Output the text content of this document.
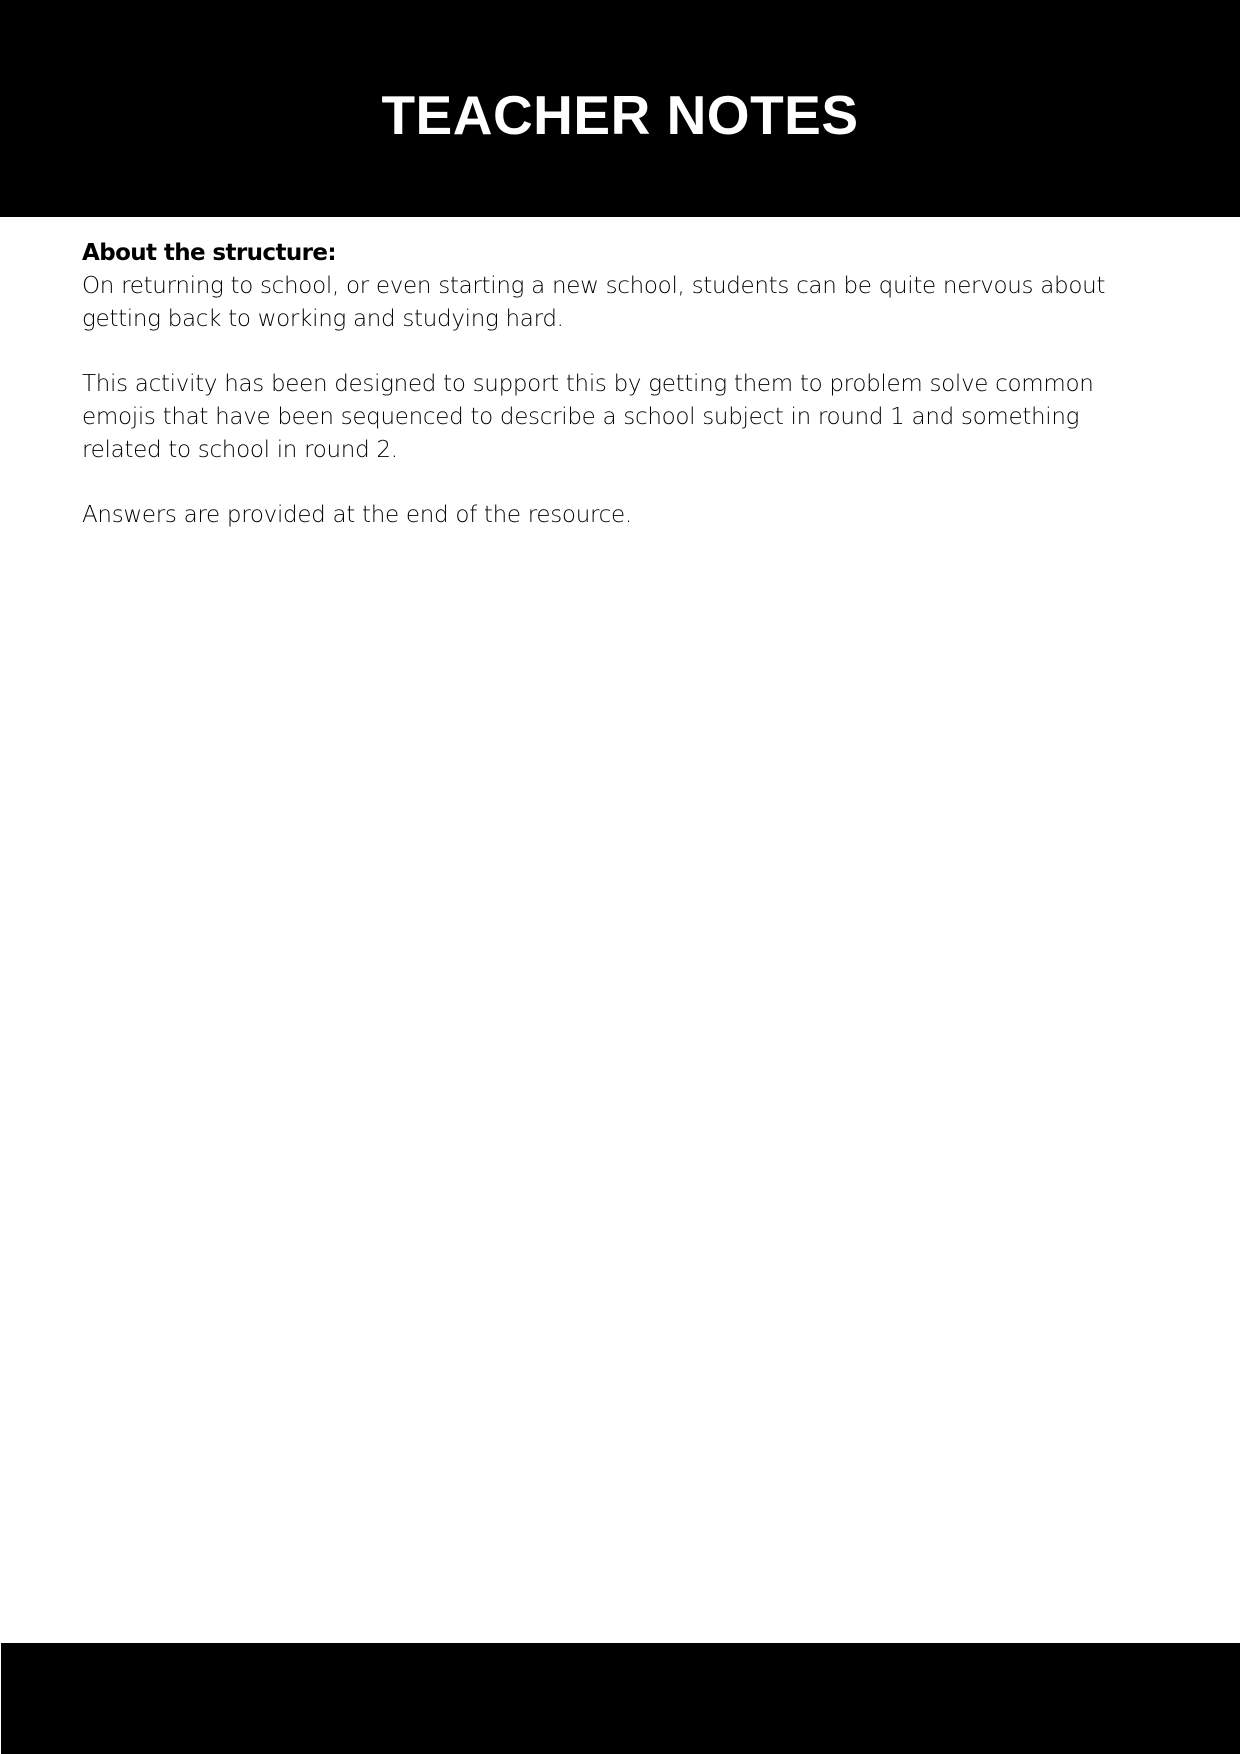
TEACHER NOTES
About the structure:

On returning to school, or even starting a new school, students can be quite nervous about getting back to working and studying hard.

This activity has been designed to support this by getting them to problem solve common emojis that have been sequenced to describe a school subject in round 1 and something related to school in round 2.

Answers are provided at the end of the resource.
